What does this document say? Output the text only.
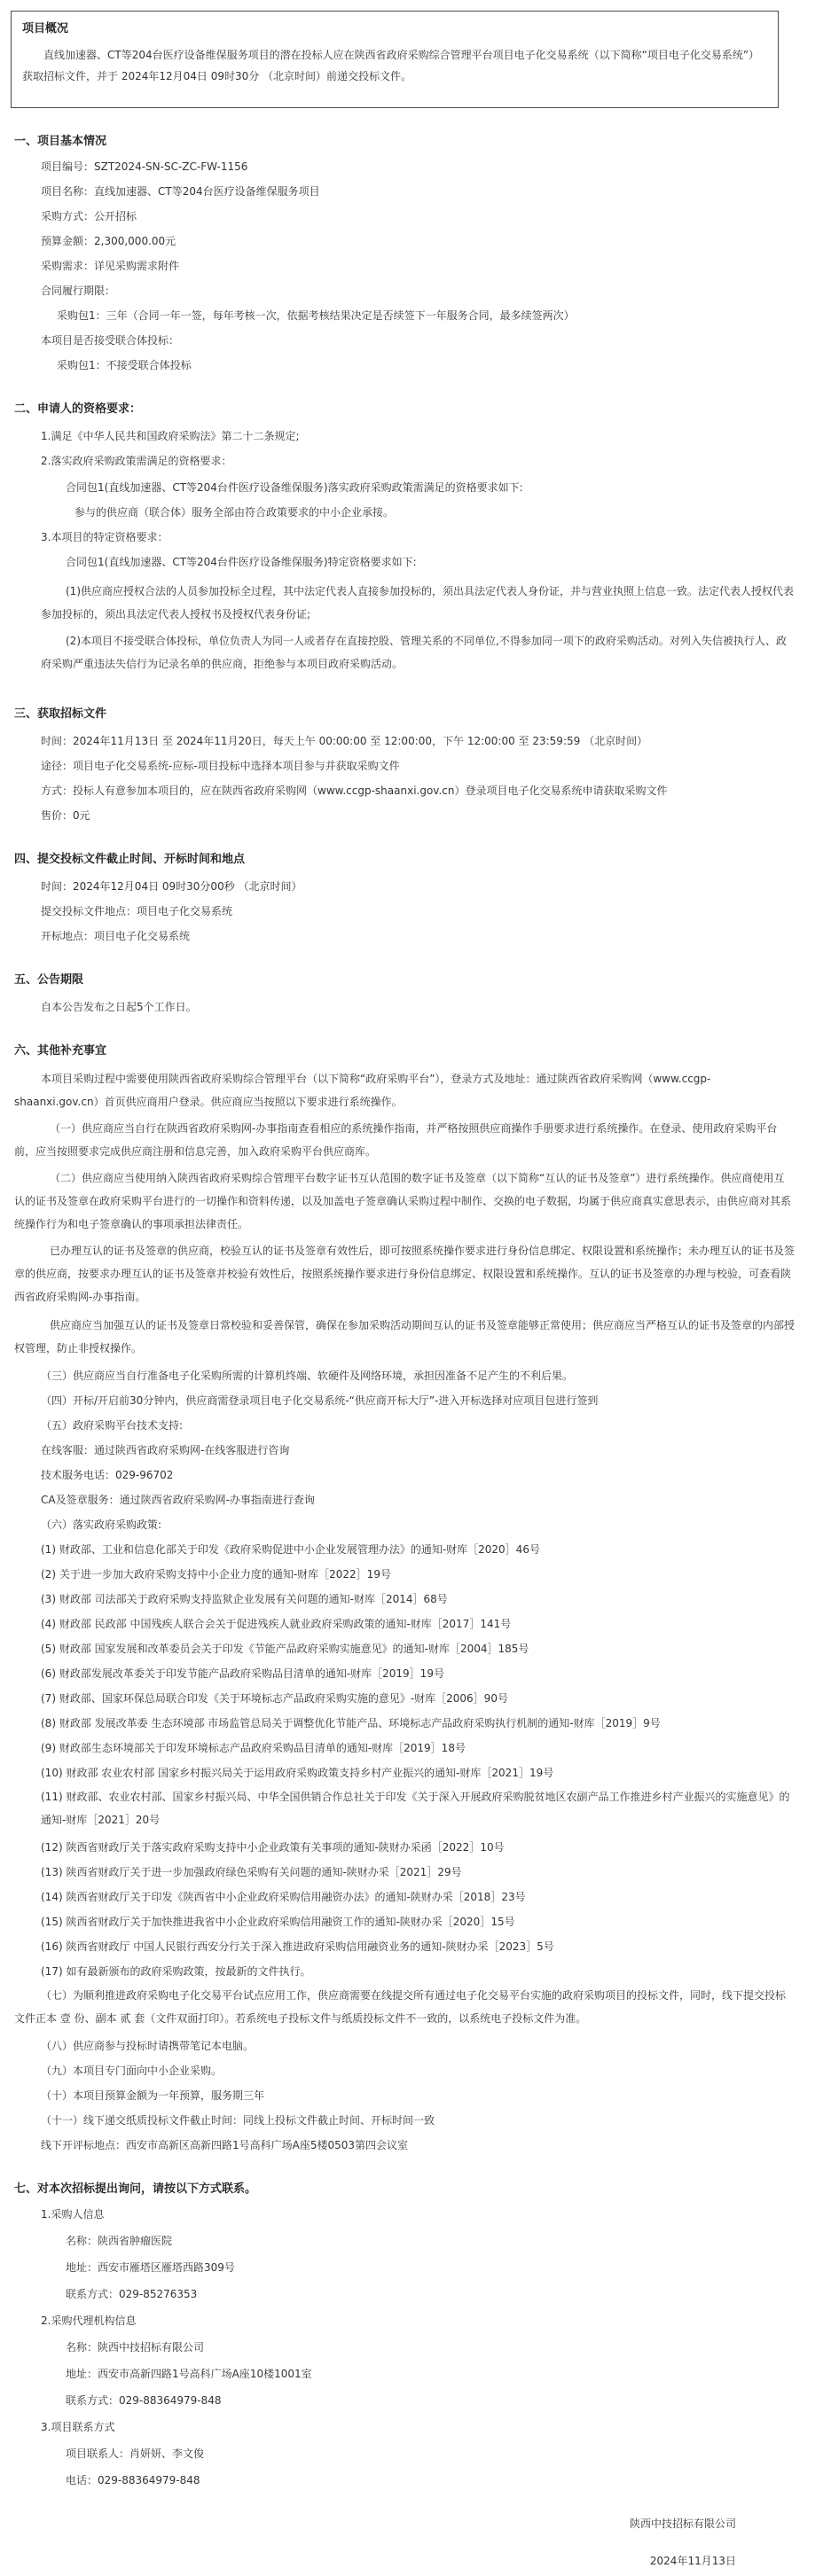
项目概况
直线加速器、CT等204台医疗设备维保服务项目的潜在投标人应在陕西省政府采购综合管理平台项目电子化交易系统（以下简称“项目电子化交易系统”）获取招标文件，并于 2024年12月04日 09时30分 （北京时间）前递交投标文件。
一、项目基本情况
项目编号：SZT2024-SN-SC-ZC-FW-1156
项目名称：直线加速器、CT等204台医疗设备维保服务项目
采购方式：公开招标
预算金额：2,300,000.00元
采购需求：详见采购需求附件
合同履行期限：
采购包1：三年（合同一年一签，每年考核一次，依据考核结果决定是否续签下一年服务合同，最多续签两次）
本项目是否接受联合体投标：
采购包1：不接受联合体投标
二、申请人的资格要求：
1.满足《中华人民共和国政府采购法》第二十二条规定;
2.落实政府采购政策需满足的资格要求：
合同包1(直线加速器、CT等204台件医疗设备维保服务)落实政府采购政策需满足的资格要求如下:
参与的供应商（联合体）服务全部由符合政策要求的中小企业承接。
3.本项目的特定资格要求：
合同包1(直线加速器、CT等204台件医疗设备维保服务)特定资格要求如下:
(1)供应商应授权合法的人员参加投标全过程，其中法定代表人直接参加投标的，须出具法定代表人身份证，并与营业执照上信息一致。法定代表人授权代表参加投标的，须出具法定代表人授权书及授权代表身份证;
(2)本项目不接受联合体投标，单位负责人为同一人或者存在直接控股、管理关系的不同单位,不得参加同一项下的政府采购活动。对列入失信被执行人、政府采购严重违法失信行为记录名单的供应商，拒绝参与本项目政府采购活动。
三、获取招标文件
时间：2024年11月13日 至 2024年11月20日，每天上午 00:00:00 至 12:00:00，下午 12:00:00 至 23:59:59 （北京时间）
途径：项目电子化交易系统-应标-项目投标中选择本项目参与并获取采购文件
方式：投标人有意参加本项目的，应在陕西省政府采购网（www.ccgp-shaanxi.gov.cn）登录项目电子化交易系统申请获取采购文件
售价：0元
四、提交投标文件截止时间、开标时间和地点
时间：2024年12月04日 09时30分00秒 （北京时间）
提交投标文件地点：项目电子化交易系统
开标地点：项目电子化交易系统
五、公告期限
自本公告发布之日起5个工作日。
六、其他补充事宜
本项目采购过程中需要使用陕西省政府采购综合管理平台（以下简称“政府采购平台”），登录方式及地址：通过陕西省政府采购网（www.ccgp-shaanxi.gov.cn）首页供应商用户登录。供应商应当按照以下要求进行系统操作。
（一）供应商应当自行在陕西省政府采购网-办事指南查看相应的系统操作指南，并严格按照供应商操作手册要求进行系统操作。在登录、使用政府采购平台前，应当按照要求完成供应商注册和信息完善，加入政府采购平台供应商库。
（二）供应商应当使用纳入陕西省政府采购综合管理平台数字证书互认范围的数字证书及签章（以下简称“互认的证书及签章”）进行系统操作。供应商使用互认的证书及签章在政府采购平台进行的一切操作和资料传递，以及加盖电子签章确认采购过程中制作、交换的电子数据，均属于供应商真实意思表示，由供应商对其系统操作行为和电子签章确认的事项承担法律责任。
已办理互认的证书及签章的供应商，校验互认的证书及签章有效性后，即可按照系统操作要求进行身份信息绑定、权限设置和系统操作；未办理互认的证书及签章的供应商，按要求办理互认的证书及签章并校验有效性后，按照系统操作要求进行身份信息绑定、权限设置和系统操作。互认的证书及签章的办理与校验，可查看陕西省政府采购网-办事指南。
供应商应当加强互认的证书及签章日常校验和妥善保管，确保在参加采购活动期间互认的证书及签章能够正常使用；供应商应当严格互认的证书及签章的内部授权管理，防止非授权操作。
（三）供应商应当自行准备电子化采购所需的计算机终端、软硬件及网络环境，承担因准备不足产生的不利后果。
（四）开标/开启前30分钟内，供应商需登录项目电子化交易系统-“供应商开标大厅”-进入开标选择对应项目包进行签到
（五）政府采购平台技术支持:
在线客服：通过陕西省政府采购网-在线客服进行咨询
技术服务电话：029-96702
CA及签章服务：通过陕西省政府采购网-办事指南进行查询
（六）落实政府采购政策:
(1) 财政部、工业和信息化部关于印发《政府采购促进中小企业发展管理办法》的通知-财库［2020］46号
(2) 关于进一步加大政府采购支持中小企业力度的通知-财库［2022］19号
(3) 财政部 司法部关于政府采购支持监狱企业发展有关问题的通知-财库［2014］68号
(4) 财政部 民政部 中国残疾人联合会关于促进残疾人就业政府采购政策的通知-财库［2017］141号
(5) 财政部 国家发展和改革委员会关于印发《节能产品政府采购实施意见》的通知-财库［2004］185号
(6) 财政部发展改革委关于印发节能产品政府采购品目清单的通知-财库［2019］19号
(7) 财政部、国家环保总局联合印发《关于环境标志产品政府采购实施的意见》-财库［2006］90号
(8) 财政部 发展改革委 生态环境部 市场监管总局关于调整优化节能产品、环境标志产品政府采购执行机制的通知-财库［2019］9号
(9) 财政部生态环境部关于印发环境标志产品政府采购品目清单的通知-财库［2019］18号
(10) 财政部 农业农村部 国家乡村振兴局关于运用政府采购政策支持乡村产业振兴的通知-财库［2021］19号
(11) 财政部、农业农村部、国家乡村振兴局、中华全国供销合作总社关于印发《关于深入开展政府采购脱贫地区农副产品工作推进乡村产业振兴的实施意见》的通知-财库［2021］20号
(12) 陕西省财政厅关于落实政府采购支持中小企业政策有关事项的通知-陕财办采函［2022］10号
(13) 陕西省财政厅关于进一步加强政府绿色采购有关问题的通知-陕财办采［2021］29号
(14) 陕西省财政厅关于印发《陕西省中小企业政府采购信用融资办法》的通知-陕财办采［2018］23号
(15) 陕西省财政厅关于加快推进我省中小企业政府采购信用融资工作的通知-陕财办采［2020］15号
(16) 陕西省财政厅 中国人民银行西安分行关于深入推进政府采购信用融资业务的通知-陕财办采［2023］5号
(17) 如有最新颁布的政府采购政策，按最新的文件执行。
（七）为顺利推进政府采购电子化交易平台试点应用工作，供应商需要在线提交所有通过电子化交易平台实施的政府采购项目的投标文件，同时，线下提交投标文件正本 壹 份、副本 贰 套（文件双面打印）。若系统电子投标文件与纸质投标文件不一致的，以系统电子投标文件为准。
（八）供应商参与投标时请携带笔记本电脑。
（九）本项目专门面向中小企业采购。
（十）本项目预算金额为一年预算，服务期三年
（十一）线下递交纸质投标文件截止时间：同线上投标文件截止时间、开标时间一致
线下开评标地点：西安市高新区高新四路1号高科广场A座5楼0503第四会议室
七、对本次招标提出询问，请按以下方式联系。
1.采购人信息
名称：陕西省肿瘤医院
地址：西安市雁塔区雁塔西路309号
联系方式：029-85276353
2.采购代理机构信息
名称：陕西中技招标有限公司
地址：西安市高新四路1号高科广场A座10楼1001室
联系方式：029-88364979-848
3.项目联系方式
项目联系人：肖妍妍、李文俊
电话：029-88364979-848
陕西中技招标有限公司
2024年11月13日
